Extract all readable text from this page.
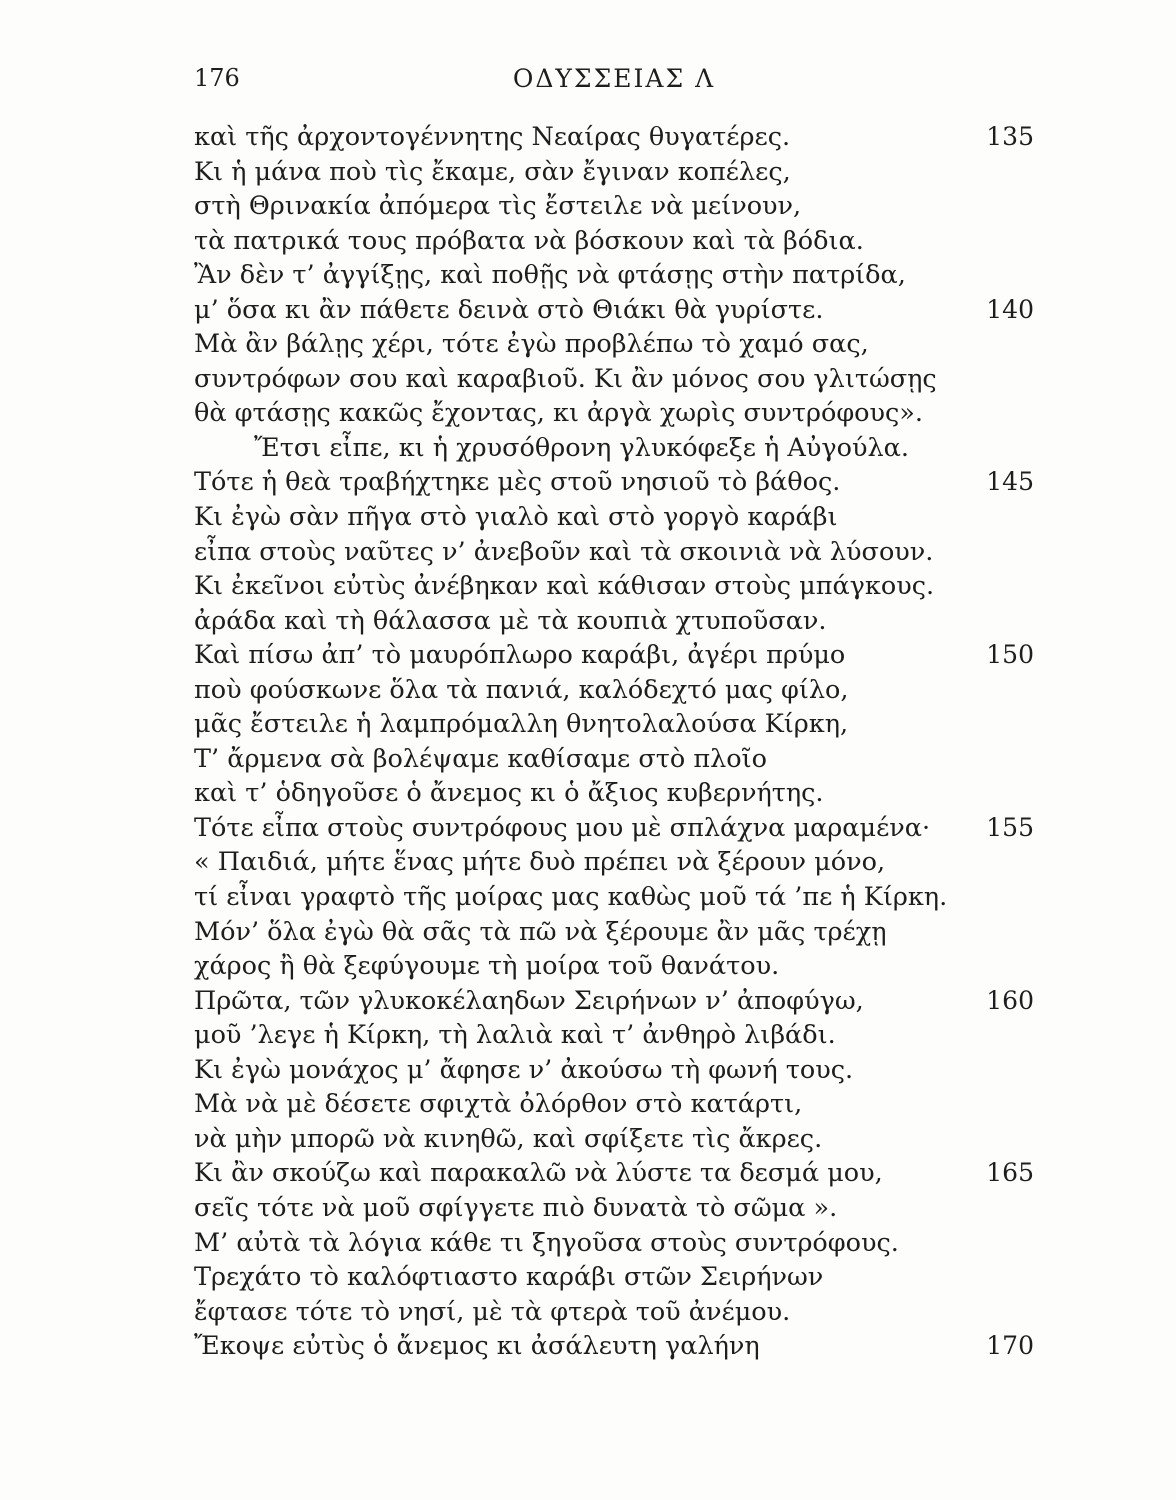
176	ΟΔΥΣΣΕΙΑΣ Λ
καὶ τῆς ἀρχοντογέννητης Νεαίρας θυγατέρες.	135
Κι ἡ μάνα ποὺ τὶς ἔκαμε, σὰν ἔγιναν κοπέλες,
στὴ Θρινακία ἀπόμερα τὶς ἔστειλε νὰ μείνουν,
τὰ πατρικά τους πρόβατα νὰ βόσκουν καὶ τὰ βόδια.
Ἂν δὲν τ’ ἀγγίξῃς, καὶ ποθῇς νὰ φτάσῃς στὴν πατρίδα,
μ’ ὅσα κι ἂν πάθετε δεινὰ στὸ Θιάκι θὰ γυρίστε.	140
Μὰ ἂν βάλῃς χέρι, τότε ἐγὼ προβλέπω τὸ χαμό σας,
συντρόφων σου καὶ καραβιοῦ. Κι ἂν μόνος σου γλιτώσῃς
θὰ φτάσῃς κακῶς ἔχοντας, κι ἀργὰ χωρὶς συντρόφους».
Ἔτσι εἶπε, κι ἡ χρυσόθρονη γλυκόφεξε ἡ Αὐγούλα.
Τότε ἡ θεὰ τραβήχτηκε μὲς στοῦ νησιοῦ τὸ βάθος.	145
Κι ἐγὼ σὰν πῆγα στὸ γιαλὸ καὶ στὸ γοργὸ καράβι
εἶπα στοὺς ναῦτες ν’ ἀνεβοῦν καὶ τὰ σκοινιὰ νὰ λύσουν.
Κι ἐκεῖνοι εὐτὺς ἀνέβηκαν καὶ κάθισαν στοὺς μπάγκους.
ἀράδα καὶ τὴ θάλασσα μὲ τὰ κουπιὰ χτυποῦσαν.
Καὶ πίσω ἀπ’ τὸ μαυρόπλωρο καράβι, ἀγέρι πρύμο	150
ποὺ φούσκωνε ὅλα τὰ πανιά, καλόδεχτό μας φίλο,
μᾶς ἔστειλε ἡ λαμπρόμαλλη θνητολαλούσα Κίρκη,
Τ’ ἄρμενα σὰ βολέψαμε καθίσαμε στὸ πλοῖο
καὶ τ’ ὁδηγοῦσε ὁ ἄνεμος κι ὁ ἄξιος κυβερνήτης.
Τότε εἶπα στοὺς συντρόφους μου μὲ σπλάχνα μαραμένα· 155
« Παιδιά, μήτε ἕνας μήτε δυὸ πρέπει νὰ ξέρουν μόνο,
τί εἶναι γραφτὸ τῆς μοίρας μας καθὼς μοῦ τά ’πε ἡ Κίρκη.
Μόν’ ὅλα ἐγὼ θὰ σᾶς τὰ πῶ νὰ ξέρουμε ἂν μᾶς τρέχῃ
χάρος ἢ θὰ ξεφύγουμε τὴ μοίρα τοῦ θανάτου.
Πρῶτα, τῶν γλυκοκέλαηδων Σειρήνων ν’ ἀποφύγω,	160
μοῦ ’λεγε ἡ Κίρκη, τὴ λαλιὰ καὶ τ’ ἀνθηρὸ λιβάδι.
Κι ἐγὼ μονάχος μ’ ἄφησε ν’ ἀκούσω τὴ φωνή τους.
Μὰ νὰ μὲ δέσετε σφιχτὰ ὀλόρθον στὸ κατάρτι,
νὰ μὴν μπορῶ νὰ κινηθῶ, καὶ σφίξετε τὶς ἄκρες.
Κι ἂν σκούζω καὶ παρακαλῶ νὰ λύστε τα δεσμά μου,	165
σεῖς τότε νὰ μοῦ σφίγγετε πιὸ δυνατὰ τὸ σῶμα ».
Μ’ αὐτὰ τὰ λόγια κάθε τι ξηγοῦσα στοὺς συντρόφους.
Τρεχάτο τὸ καλόφτιαστο καράβι στῶν Σειρήνων
ἔφτασε τότε τὸ νησί, μὲ τὰ φτερὰ τοῦ ἀνέμου.
Ἔκοψε εὐτὺς ὁ ἄνεμος κι ἀσάλευτη γαλήνη	170
